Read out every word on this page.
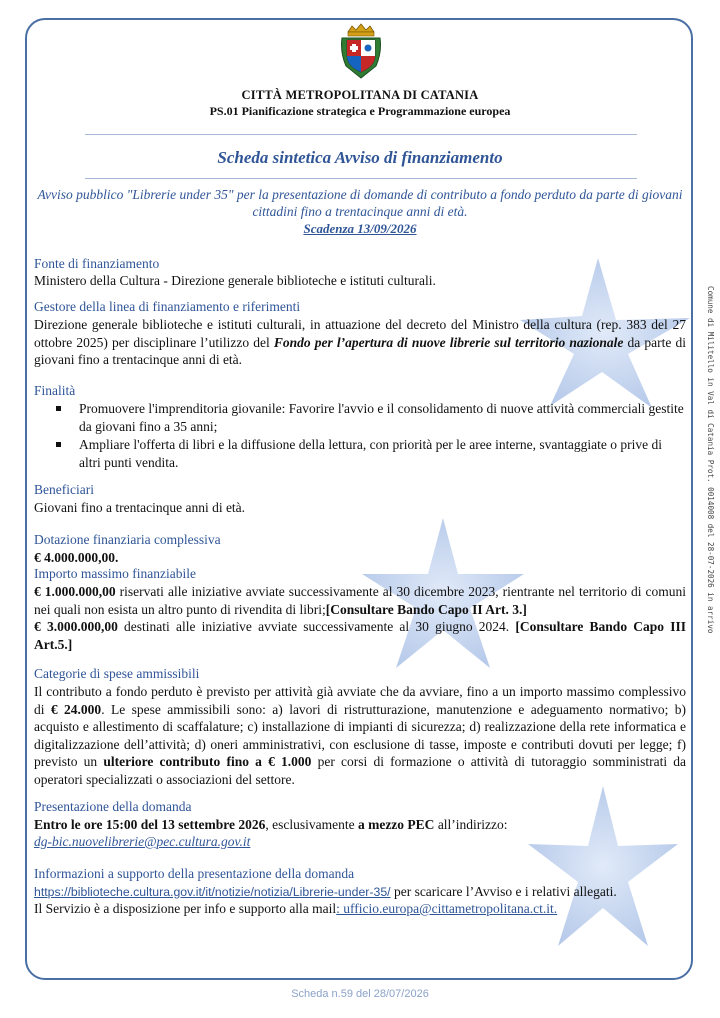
CITTÀ METROPOLITANA DI CATANIA
PS.01 Pianificazione strategica e Programmazione europea
Scheda sintetica Avviso di finanziamento
Avviso pubblico "Librerie under 35" per la presentazione di domande di contributo a fondo perduto da parte di giovani cittadini fino a trentacinque anni di età.
Scadenza 13/09/2026
Fonte di finanziamento
Ministero della Cultura - Direzione generale biblioteche e istituti culturali.
Gestore della linea di finanziamento e riferimenti
Direzione generale biblioteche e istituti culturali, in attuazione del decreto del Ministro della cultura (rep. 383 del 27 ottobre 2025) per disciplinare l’utilizzo del Fondo per l’apertura di nuove librerie sul territorio nazionale da parte di giovani fino a trentacinque anni di età.
Finalità
Promuovere l'imprenditoria giovanile: Favorire l'avvio e il consolidamento di nuove attività commerciali gestite da giovani fino a 35 anni;
Ampliare l'offerta di libri e la diffusione della lettura, con priorità per le aree interne, svantaggiate o prive di altri punti vendita.
Beneficiari
Giovani fino a trentacinque anni di età.
Dotazione finanziaria complessiva
€ 4.000.000,00.
Importo massimo finanziabile
€ 1.000.000,00 riservati alle iniziative avviate successivamente al 30 dicembre 2023, rientrante nel territorio di comuni nei quali non esista un altro punto di rivendita di libri;[Consultare Bando Capo II Art. 3.]
€ 3.000.000,00 destinati alle iniziative avviate successivamente al 30 giugno 2024. [Consultare Bando Capo III Art.5.]
Categorie di spese ammissibili
Il contributo a fondo perduto è previsto per attività già avviate che da avviare, fino a un importo massimo complessivo di € 24.000. Le spese ammissibili sono: a) lavori di ristrutturazione, manutenzione e adeguamento normativo; b) acquisto e allestimento di scaffalature; c) installazione di impianti di sicurezza; d) realizzazione della rete informatica e digitalizzazione dell’attività; d) oneri amministrativi, con esclusione di tasse, imposte e contributi dovuti per legge; f) previsto un ulteriore contributo fino a € 1.000 per corsi di formazione o attività di tutoraggio somministrati da operatori specializzati o associazioni del settore.
Presentazione della domanda
Entro le ore 15:00 del 13 settembre 2026, esclusivamente a mezzo PEC all’indirizzo:
dg-bic.nuovelibrerie@pec.cultura.gov.it
Informazioni a supporto della presentazione della domanda
https://biblioteche.cultura.gov.it/it/notizie/notizia/Librerie-under-35/ per scaricare l’Avviso e i relativi allegati.
Il Servizio è a disposizione per info e supporto alla mail: ufficio.europa@cittametropolitana.ct.it.
Comune di Militello in Val di Catania Prot. 0014008 del 28-07-2026 in arrivo
Scheda n.59 del 28/07/2026
